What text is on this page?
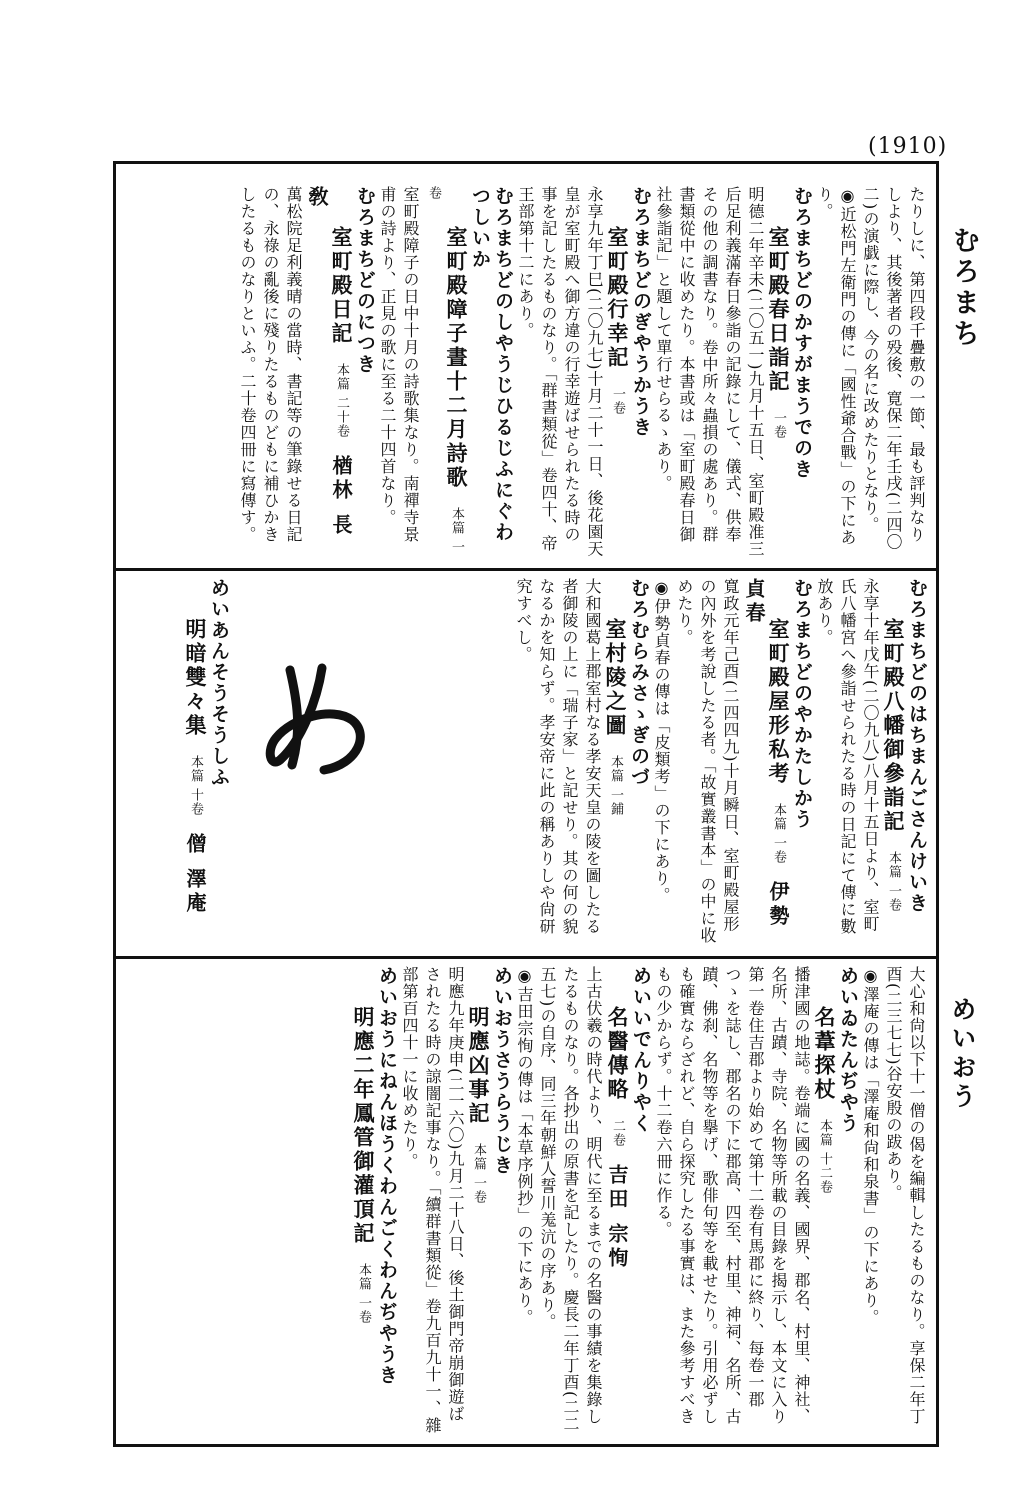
(1910)
むろまち
めいおう

たりしに、第四段千疊敷の一節、最も評判なりしより、其後著者の殁後、寛保二年壬戌(二四〇二)の演戯に際し、今の名に改めたりとなり。

◉近松門左衛門の傳に「國性爺合戰」の下にあり。

むろまちどのかすがまうでのき

室町殿春日詣記　一卷

明德二年辛未(二〇五一)九月十五日、室町殿准三后足利義滿春日參詣の記錄にして、儀式、供奉その他の調書なり。卷中所々蟲損の處あり。群書類從中に收めたり。本書或は「室町殿春日御社參詣記」と題して單行せらるゝあり。

むろまちどのぎやうかうき

室町殿行幸記　一卷

永享九年丁巳(二〇九七)十月二十一日、後花園天皇が室町殿へ御方違の行幸遊ばせられたる時の事を記したるものなり。「群書類從」卷四十、帝王部第十二にあり。

むろまちどのしやうじひるじふにぐわつしいか

室町殿障子晝十二月詩歌　本篇 一卷

室町殿障子の日中十月の詩歌集なり。南禪寺景甫の詩より、正見の歌に至る二十四首なり。

むろまちどのにつき

室町殿日記　本篇 二十卷　楢林 長敎

萬松院足利義晴の當時、書記等の筆錄せる日記の、永祿の亂後に殘りたるものどもに補ひかきしたるものなりといふ。二十卷四冊に寫傳す。

むろまちどのはちまんごさんけいき

室町殿八幡御參詣記　本篇 一卷

永享十年戊午(二〇九八)八月十五日より、室町氏八幡宮へ參詣せられたる時の日記にて傳に數放あり。

むろまちどのやかたしかう

室町殿屋形私考　本篇 一卷　伊勢 貞春

寬政元年己酉(二四四九)十月瞬日、室町殿屋形の內外を考說したる者。「故實叢書本」の中に收めたり。

◉伊勢貞春の傳は「皮類考」の下にあり。

むろむらみさゝぎのづ

室村陵之圖　本篇 一鋪

大和國葛上郡室村なる孝安天皇の陵を圖したる者御陵の上に「瑞子家」と記せり。其の何の貌なるかを知らず。孝安帝に此の稱ありしや尙研究すべし。

めいあんそうそうしふ

明暗雙々集　本篇 十卷　僧 澤庵

大心和尙以下十一僧の偈を編輯したるものなり。享保二年丁酉(二三七七)谷安殷の跋あり。

◉澤庵の傳は「澤庵和尙和泉書」の下にあり。

めいゐたんぢやう

名葦探杖　本篇 十二卷

播津國の地誌。卷端に國の名義、國界、郡名、村里、神社、名所、古蹟、寺院、名物等所載の目錄を揭示し、本文に入り第一卷住吉郡より始めて第十二卷有馬郡に終り、每卷一郡つゝを誌し、郡名の下に郡高、四至、村里、神祠、名所、古蹟、佛刹、名物等を擧げ、歌俳句等を載せたり。引用必ずしも確實ならざれど、自ら探究したる事實は、また參考すべきもの少からず。十二卷六冊に作る。

めいいでんりやく

名醫傳略　二卷　吉田 宗恂

上古伏羲の時代より、明代に至るまでの名醫の事績を集錄したるものなり。各抄出の原書を記したり。慶長二年丁酉(二二五七)の自序、同三年朝鮮人誓川羗沆の序あり。

◉吉田宗恂の傳は「本草序例抄」の下にあり。

めいおうさうらうじき

明應凶事記　本篇 一卷

明應九年庚申(二一六〇)九月二十八日、後土御門帝崩御遊ばされたる時の諒闇記事なり。「續群書類從」卷九百九十一、雜部第百四十一に收めたり。

めいおうにねんほうくわんごくわんぢやうき

明應二年鳳管御灌頂記　本篇 一卷
